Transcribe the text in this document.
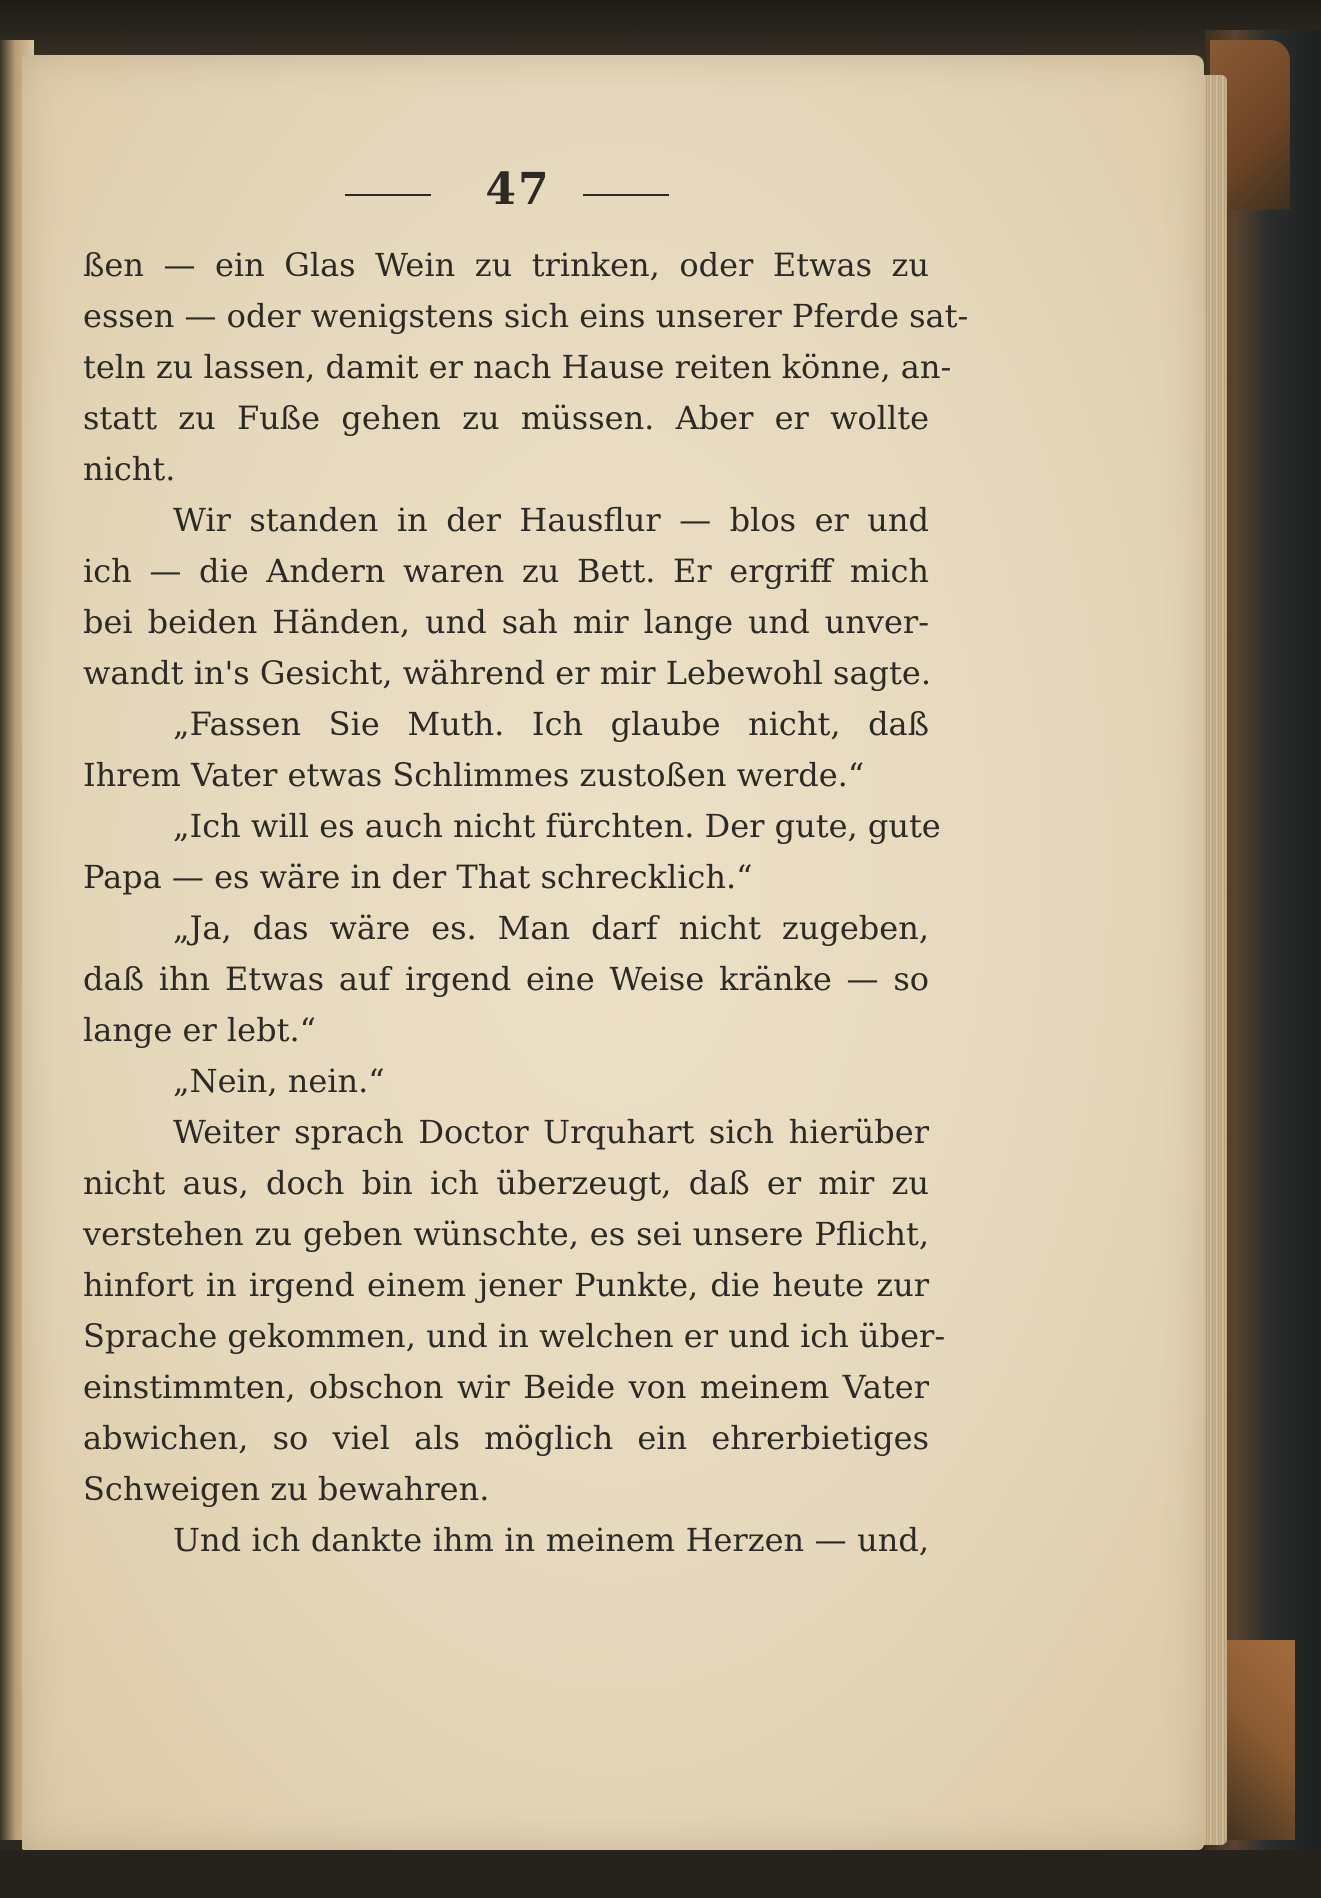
47
ßen — ein Glas Wein zu trinken, oder Etwas zu
essen — oder wenigstens sich eins unserer Pferde sat-
teln zu lassen, damit er nach Hause reiten könne, an-
statt zu Fuße gehen zu müssen. Aber er wollte
nicht.
Wir standen in der Hausflur — blos er und
ich — die Andern waren zu Bett. Er ergriff mich
bei beiden Händen, und sah mir lange und unver-
wandt in's Gesicht, während er mir Lebewohl sagte.
„Fassen Sie Muth. Ich glaube nicht, daß
Ihrem Vater etwas Schlimmes zustoßen werde.“
„Ich will es auch nicht fürchten. Der gute, gute
Papa — es wäre in der That schrecklich.“
„Ja, das wäre es. Man darf nicht zugeben,
daß ihn Etwas auf irgend eine Weise kränke — so
lange er lebt.“
„Nein, nein.“
Weiter sprach Doctor Urquhart sich hierüber
nicht aus, doch bin ich überzeugt, daß er mir zu
verstehen zu geben wünschte, es sei unsere Pflicht,
hinfort in irgend einem jener Punkte, die heute zur
Sprache gekommen, und in welchen er und ich über-
einstimmten, obschon wir Beide von meinem Vater
abwichen, so viel als möglich ein ehrerbietiges
Schweigen zu bewahren.
Und ich dankte ihm in meinem Herzen — und,
